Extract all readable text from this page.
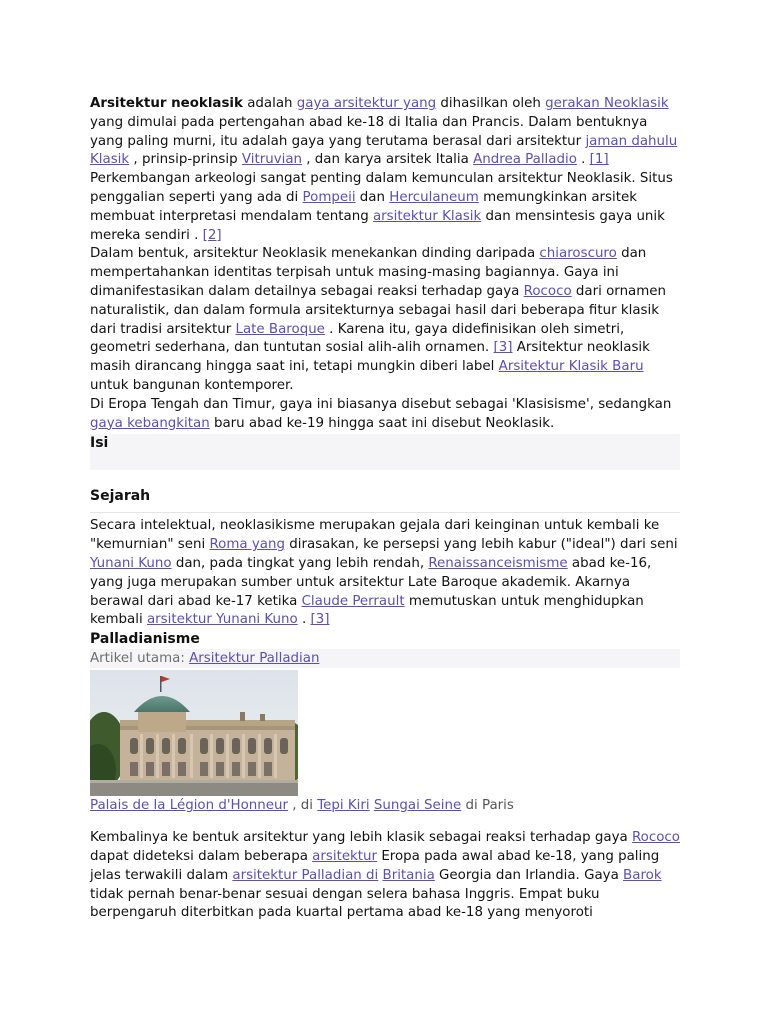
Arsitektur neoklasik adalah gaya arsitektur yang dihasilkan oleh gerakan Neoklasik yang dimulai pada pertengahan abad ke-18 di Italia dan Prancis. Dalam bentuknya yang paling murni, itu adalah gaya yang terutama berasal dari arsitektur jaman dahulu Klasik , prinsip-prinsip Vitruvian , dan karya arsitek Italia Andrea Palladio . [1]

Perkembangan arkeologi sangat penting dalam kemunculan arsitektur Neoklasik. Situs penggalian seperti yang ada di Pompeii dan Herculaneum memungkinkan arsitek membuat interpretasi mendalam tentang arsitektur Klasik dan mensintesis gaya unik mereka sendiri . [2]

Dalam bentuk, arsitektur Neoklasik menekankan dinding daripada chiaroscuro dan mempertahankan identitas terpisah untuk masing-masing bagiannya. Gaya ini dimanifestasikan dalam detailnya sebagai reaksi terhadap gaya Rococo dari ornamen naturalistik, dan dalam formula arsitekturnya sebagai hasil dari beberapa fitur klasik dari tradisi arsitektur Late Baroque . Karena itu, gaya didefinisikan oleh simetri, geometri sederhana, dan tuntutan sosial alih-alih ornamen. [3] Arsitektur neoklasik masih dirancang hingga saat ini, tetapi mungkin diberi label Arsitektur Klasik Baru untuk bangunan kontemporer.

Di Eropa Tengah dan Timur, gaya ini biasanya disebut sebagai 'Klasisisme', sedangkan gaya kebangkitan baru abad ke-19 hingga saat ini disebut Neoklasik.

Isi
Sejarah

Secara intelektual, neoklasikisme merupakan gejala dari keinginan untuk kembali ke "kemurnian" seni Roma yang dirasakan, ke persepsi yang lebih kabur ("ideal") dari seni Yunani Kuno dan, pada tingkat yang lebih rendah, Renaissanceismisme abad ke-16, yang juga merupakan sumber untuk arsitektur Late Baroque akademik. Akarnya berawal dari abad ke-17 ketika Claude Perrault memutuskan untuk menghidupkan kembali arsitektur Yunani Kuno . [3]

Palladianisme
Artikel utama: Arsitektur Palladian
Palais de la Légion d'Honneur , di Tepi Kiri Sungai Seine di Paris

Kembalinya ke bentuk arsitektur yang lebih klasik sebagai reaksi terhadap gaya Rococo dapat dideteksi dalam beberapa arsitektur Eropa pada awal abad ke-18, yang paling jelas terwakili dalam arsitektur Palladian di Britania Georgia dan Irlandia. Gaya Barok tidak pernah benar-benar sesuai dengan selera bahasa Inggris. Empat buku berpengaruh diterbitkan pada kuartal pertama abad ke-18 yang menyoroti
